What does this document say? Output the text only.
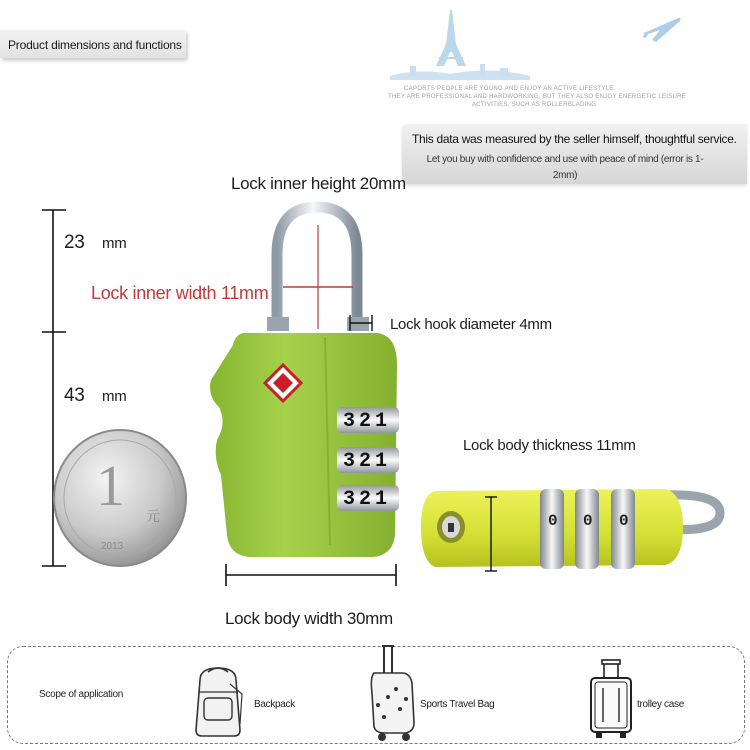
Product dimensions and functions
CAPORTS PEOPLE ARE YOUNG AND ENJOY AN ACTIVE LIFESTYLE.
THEY ARE PROFESSIONAL AND HARDWORKING, BUT THEY ALSO ENJOY ENERGETIC LEISURE
ACTIVITIES, SUCH AS ROLLERBLADING.
This data was measured by the seller himself, thoughtful service.
Let you buy with confidence and use with peace of mind (error is 1-2mm)
Lock inner height 20mm
Lock inner width 11mm
Lock hook diameter 4mm
Lock body thickness 11mm
Lock body width 30mm
23 mm
43 mm
1 元
2013
321
321
321
0 0 0
Scope of application
Backpack	Sports Travel Bag	trolley case
